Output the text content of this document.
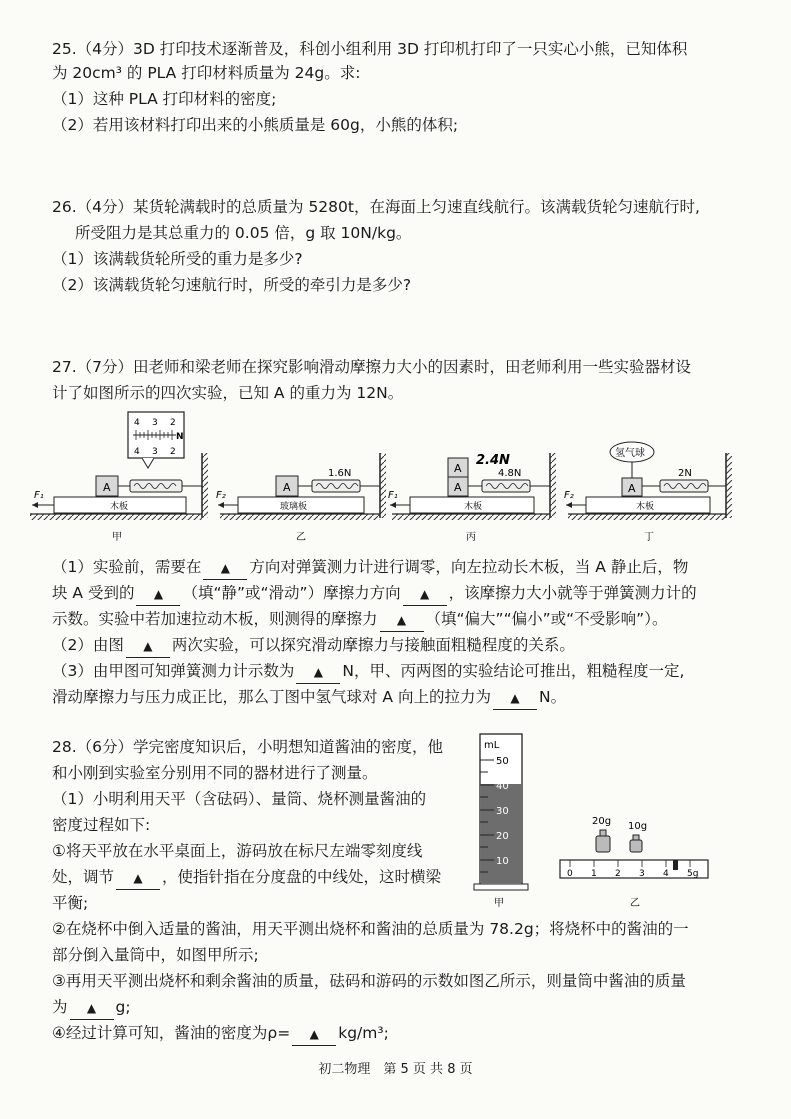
25.（4分）3D 打印技术逐渐普及，科创小组利用 3D 打印机打印了一只实心小熊，已知体积
为 20cm³ 的 PLA 打印材料质量为 24g。求:
（1）这种 PLA 打印材料的密度;
（2）若用该材料打印出来的小熊质量是 60g，小熊的体积;
26.（4分）某货轮满载时的总质量为 5280t，在海面上匀速直线航行。该满载货轮匀速航行时,
所受阻力是其总重力的 0.05 倍，g 取 10N/kg。
（1）该满载货轮所受的重力是多少?
（2）该满载货轮匀速航行时，所受的牵引力是多少?
27.（7分）田老师和梁老师在探究影响滑动摩擦力大小的因素时，田老师利用一些实验器材设
计了如图所示的四次实验，已知 A 的重力为 12N。
4 3 2
N
4 3 2
A
木板
F₁
甲
A
1.6N
玻璃板
F₂
乙
2.4N
A
A
4.8N
木板
F₁
丙
氢气球
A
2N
木板
F₂
丁
（1）实验前，需要在 ▲ 方向对弹簧测力计进行调零，向左拉动长木板，当 A 静止后，物
块 A 受到的 ▲ （填“静”或“滑动”）摩擦力方向 ▲ ，该摩擦力大小就等于弹簧测力计的
示数。实验中若加速拉动木板，则测得的摩擦力 ▲ （填“偏大”“偏小”或“不受影响”）。
（2）由图 ▲ 两次实验，可以探究滑动摩擦力与接触面粗糙程度的关系。
（3）由甲图可知弹簧测力计示数为 ▲ N，甲、丙两图的实验结论可推出，粗糙程度一定,
滑动摩擦力与压力成正比，那么丁图中氢气球对 A 向上的拉力为 ▲ N。
28.（6分）学完密度知识后，小明想知道酱油的密度，他
和小刚到实验室分别用不同的器材进行了测量。
（1）小明利用天平（含砝码）、量筒、烧杯测量酱油的
密度过程如下:
①将天平放在水平桌面上，游码放在标尺左端零刻度线
处，调节 ▲ ，使指针指在分度盘的中线处，这时横梁
平衡;
mL
50
40
30
20
10
甲
20g 10g
0 1 2 3 4 5g
乙
②在烧杯中倒入适量的酱油，用天平测出烧杯和酱油的总质量为 78.2g；将烧杯中的酱油的一
部分倒入量筒中，如图甲所示;
③再用天平测出烧杯和剩余酱油的质量，砝码和游码的示数如图乙所示，则量筒中酱油的质量
为 ▲ g;
④经过计算可知，酱油的密度为ρ= ▲ kg/m³;
初二物理　第 5 页 共 8 页
